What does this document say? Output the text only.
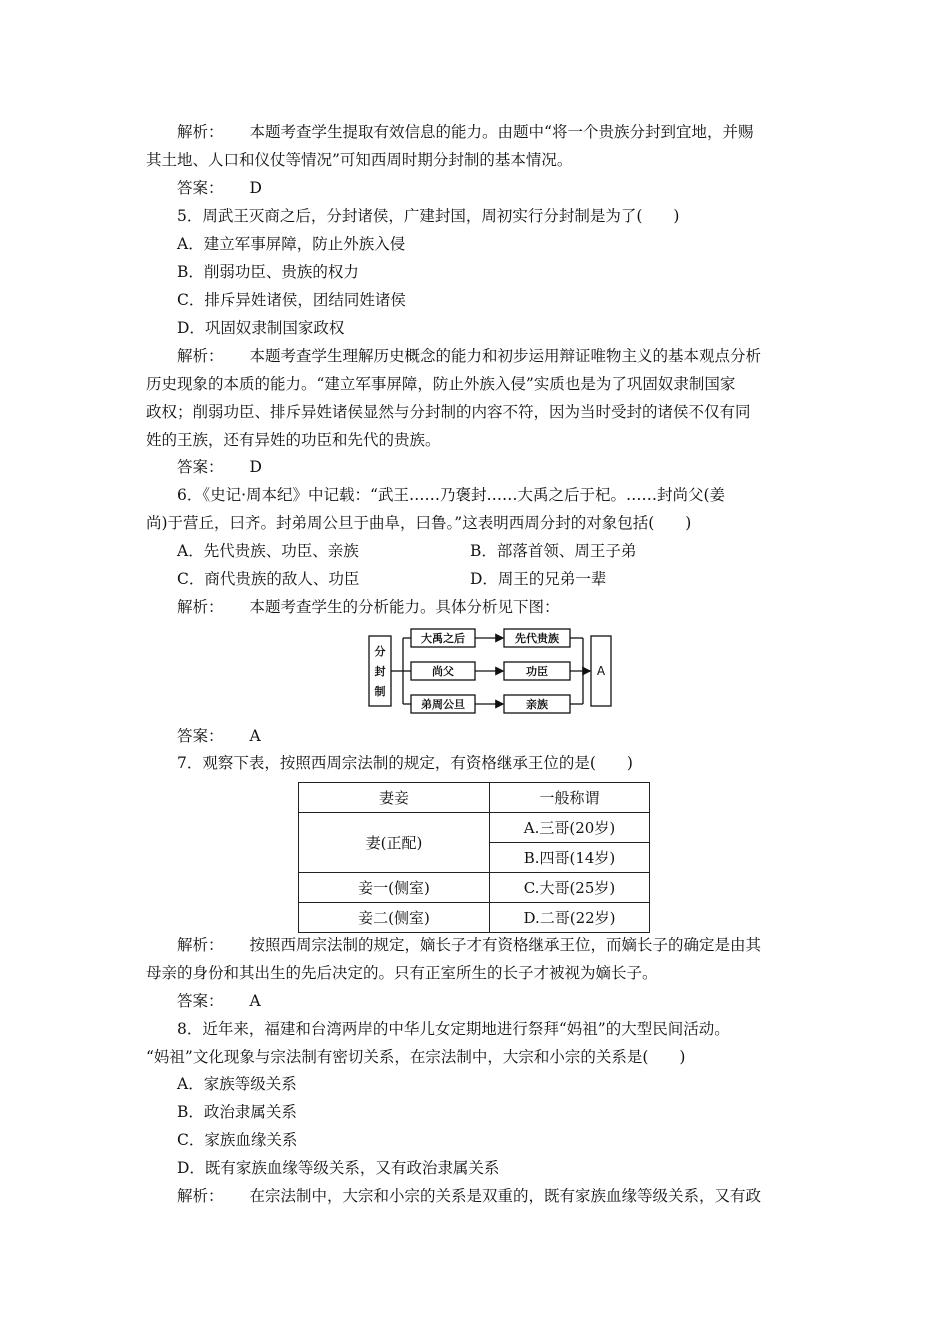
解析： 本题考查学生提取有效信息的能力。由题中“将一个贵族分封到宜地，并赐
其土地、人口和仪仗等情况”可知西周时期分封制的基本情况。
答案： D
5．周武王灭商之后，分封诸侯，广建封国，周初实行分封制是为了(　　)
A．建立军事屏障，防止外族入侵
B．削弱功臣、贵族的权力
C．排斥异姓诸侯，团结同姓诸侯
D．巩固奴隶制国家政权
解析： 本题考查学生理解历史概念的能力和初步运用辩证唯物主义的基本观点分析
历史现象的本质的能力。“建立军事屏障，防止外族入侵”实质也是为了巩固奴隶制国家
政权；削弱功臣、排斥异姓诸侯显然与分封制的内容不符，因为当时受封的诸侯不仅有同
姓的王族，还有异姓的功臣和先代的贵族。
答案： D
6．《史记·周本纪》中记载：“武王……乃褒封……大禹之后于杞。……封尚父(姜
尚)于营丘，曰齐。封弟周公旦于曲阜，曰鲁。”这表明西周分封的对象包括(　　)
A．先代贵族、功臣、亲族	B．部落首领、周王子弟
C．商代贵族的敌人、功臣	D．周王的兄弟一辈
解析： 本题考查学生的分析能力。具体分析见下图：
分
封
制
大禹之后
尚父
弟周公旦
先代贵族
功臣
亲族
A
答案： A
7．观察下表，按照西周宗法制的规定，有资格继承王位的是(　　)
妻妾	一般称谓
妻(正配)	A.三哥(20岁)
	B.四哥(14岁)
妾一(侧室)	C.大哥(25岁)
妾二(侧室)	D.二哥(22岁)
解析： 按照西周宗法制的规定，嫡长子才有资格继承王位，而嫡长子的确定是由其
母亲的身份和其出生的先后决定的。只有正室所生的长子才被视为嫡长子。
答案： A
8．近年来，福建和台湾两岸的中华儿女定期地进行祭拜“妈祖”的大型民间活动。
“妈祖”文化现象与宗法制有密切关系，在宗法制中，大宗和小宗的关系是(　　)
A．家族等级关系
B．政治隶属关系
C．家族血缘关系
D．既有家族血缘等级关系，又有政治隶属关系
解析： 在宗法制中，大宗和小宗的关系是双重的，既有家族血缘等级关系，又有政
